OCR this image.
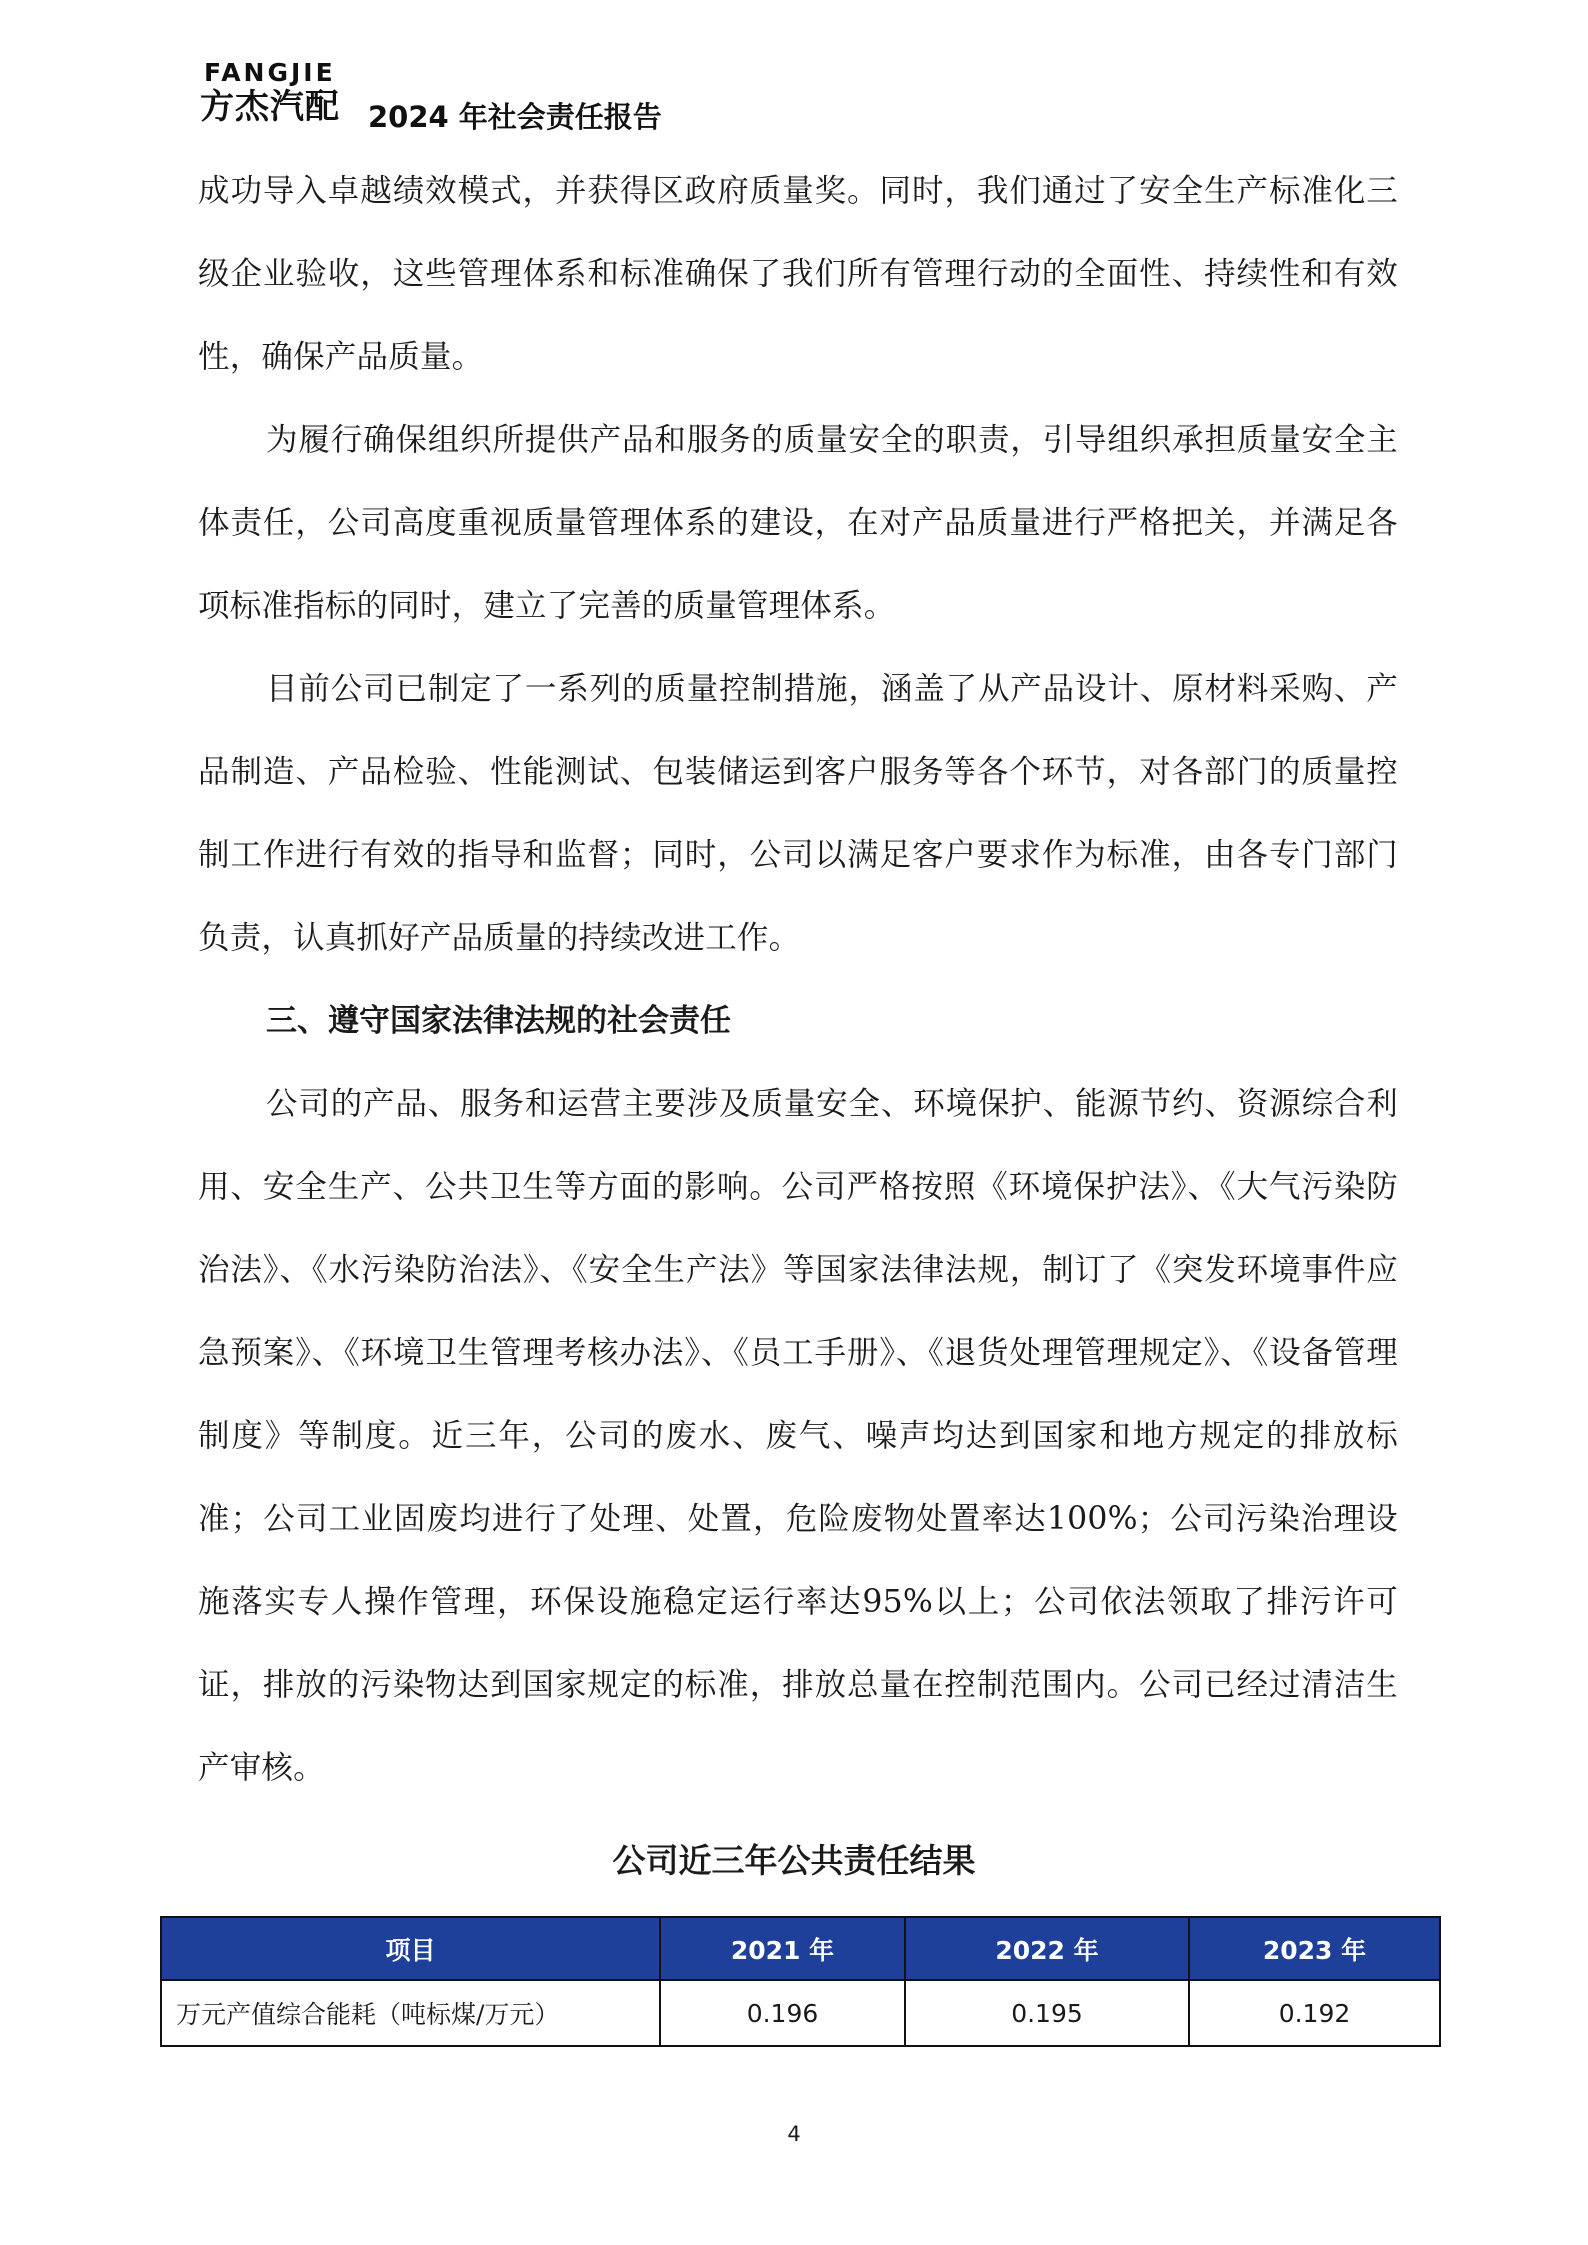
FANGJIE
方杰汽配 2024 年社会责任报告

成功导入卓越绩效模式，并获得区政府质量奖。同时，我们通过了安全生产标准化三级企业验收，这些管理体系和标准确保了我们所有管理行动的全面性、持续性和有效性，确保产品质量。

为履行确保组织所提供产品和服务的质量安全的职责，引导组织承担质量安全主体责任，公司高度重视质量管理体系的建设，在对产品质量进行严格把关，并满足各项标准指标的同时，建立了完善的质量管理体系。

目前公司已制定了一系列的质量控制措施，涵盖了从产品设计、原材料采购、产品制造、产品检验、性能测试、包装储运到客户服务等各个环节，对各部门的质量控制工作进行有效的指导和监督；同时，公司以满足客户要求作为标准，由各专门部门负责，认真抓好产品质量的持续改进工作。

三、遵守国家法律法规的社会责任

公司的产品、服务和运营主要涉及质量安全、环境保护、能源节约、资源综合利用、安全生产、公共卫生等方面的影响。公司严格按照《环境保护法》、《大气污染防治法》、《水污染防治法》、《安全生产法》等国家法律法规，制订了《突发环境事件应急预案》、《环境卫生管理考核办法》、《员工手册》、《退货处理管理规定》、《设备管理制度》等制度。近三年，公司的废水、废气、噪声均达到国家和地方规定的排放标准；公司工业固废均进行了处理、处置，危险废物处置率达100%；公司污染治理设施落实专人操作管理，环保设施稳定运行率达95%以上；公司依法领取了排污许可证，排放的污染物达到国家规定的标准，排放总量在控制范围内。公司已经过清洁生产审核。

公司近三年公共责任结果
项目	2021 年	2022 年	2023 年
万元产值综合能耗（吨标煤/万元）	0.196	0.195	0.192
4
